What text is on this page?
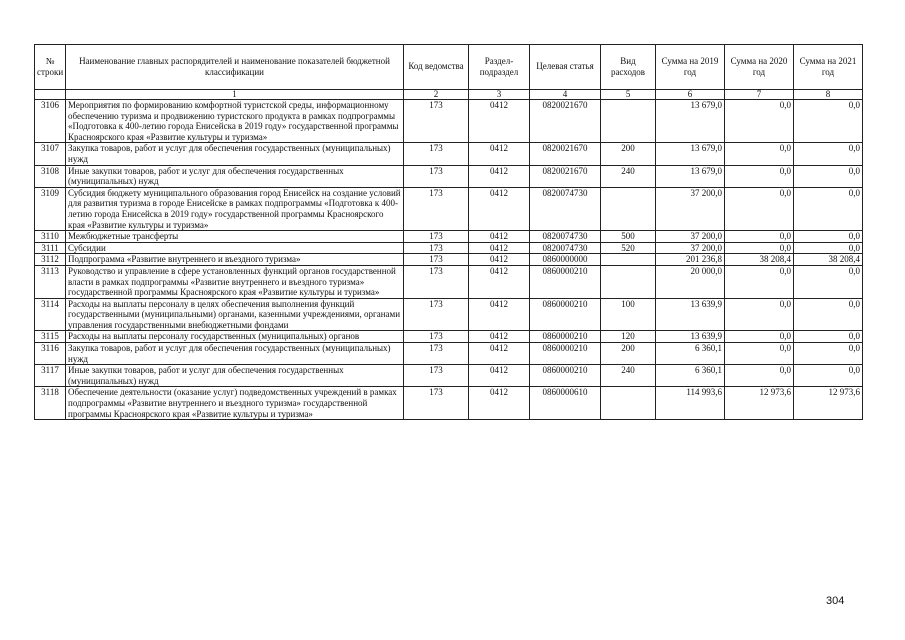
№ строки	Наименование главных распорядителей и наименование показателей бюджетной классификации	Код ведомства	Раздел-подраздел	Целевая статья	Вид расходов	Сумма на 2019 год	Сумма на 2020 год	Сумма на 2021 год
	1	2	3	4	5	6	7	8
3106	Мероприятия по формированию комфортной туристской среды, информационному обеспечению туризма и продвижению туристского продукта в рамках подпрограммы «Подготовка к 400-летию города Енисейска в 2019 году» государственной программы Красноярского края «Развитие культуры и туризма»	173	0412	0820021670		13 679,0	0,0	0,0
3107	Закупка товаров, работ и услуг для обеспечения государственных (муниципальных) нужд	173	0412	0820021670	200	13 679,0	0,0	0,0
3108	Иные закупки товаров, работ и услуг для обеспечения государственных (муниципальных) нужд	173	0412	0820021670	240	13 679,0	0,0	0,0
3109	Субсидия бюджету муниципального образования город Енисейск на создание условий для развития туризма в городе Енисейске в рамках подпрограммы «Подготовка к 400-летию города Енисейска в 2019 году» государственной программы Красноярского края «Развитие культуры и туризма»	173	0412	0820074730		37 200,0	0,0	0,0
3110	Межбюджетные трансферты	173	0412	0820074730	500	37 200,0	0,0	0,0
3111	Субсидии	173	0412	0820074730	520	37 200,0	0,0	0,0
3112	Подпрограмма «Развитие внутреннего и въездного туризма»	173	0412	0860000000		201 236,8	38 208,4	38 208,4
3113	Руководство и управление в сфере установленных функций органов государственной власти в рамках подпрограммы «Развитие внутреннего и въездного туризма» государственной программы Красноярского края «Развитие культуры и туризма»	173	0412	0860000210		20 000,0	0,0	0,0
3114	Расходы на выплаты персоналу в целях обеспечения выполнения функций государственными (муниципальными) органами, казенными учреждениями, органами управления государственными внебюджетными фондами	173	0412	0860000210	100	13 639,9	0,0	0,0
3115	Расходы на выплаты персоналу государственных (муниципальных) органов	173	0412	0860000210	120	13 639,9	0,0	0,0
3116	Закупка товаров, работ и услуг для обеспечения государственных (муниципальных) нужд	173	0412	0860000210	200	6 360,1	0,0	0,0
3117	Иные закупки товаров, работ и услуг для обеспечения государственных (муниципальных) нужд	173	0412	0860000210	240	6 360,1	0,0	0,0
3118	Обеспечение деятельности (оказание услуг) подведомственных учреждений в рамках подпрограммы «Развитие внутреннего и въездного туризма» государственной программы Красноярского края «Развитие культуры и туризма»	173	0412	0860000610		114 993,6	12 973,6	12 973,6
304
